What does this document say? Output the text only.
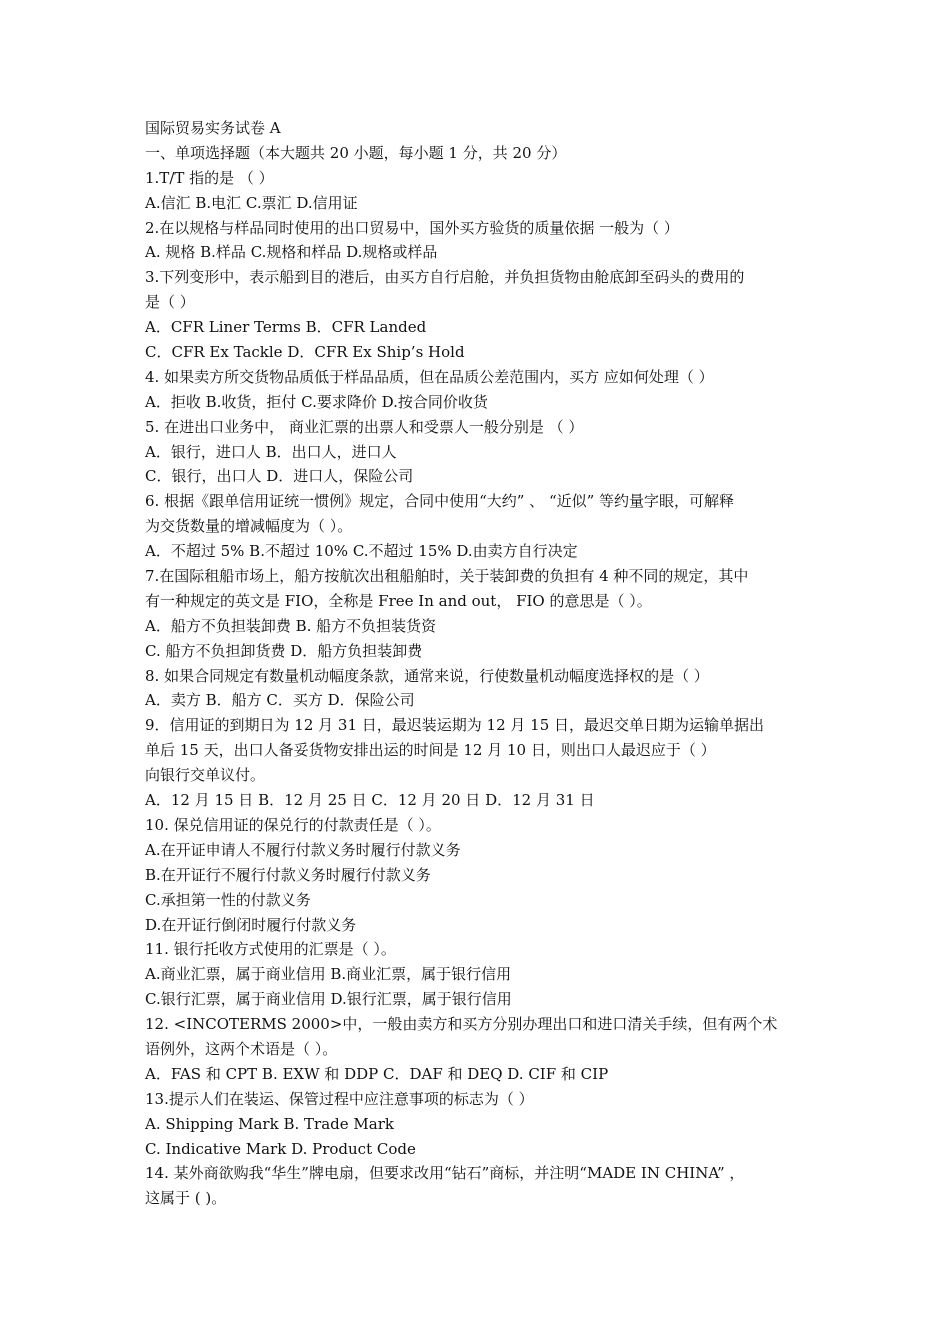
国际贸易实务试卷 A
一、单项选择题（本大题共 20 小题，每小题 1 分，共 20 分）
1.T/T 指的是 （ ）
A.信汇 B.电汇 C.票汇 D.信用证
2.在以规格与样品同时使用的出口贸易中，国外买方验货的质量依据 一般为（ ）
A. 规格 B.样品 C.规格和样品 D.规格或样品
3.下列变形中，表示船到目的港后，由买方自行启舱，并负担货物由舱底卸至码头的费用的
是（ ）
A．CFR Liner Terms B．CFR Landed
C．CFR Ex Tackle D．CFR Ex Ship’s Hold
4. 如果卖方所交货物品质低于样品品质，但在品质公差范围内，买方 应如何处理（ ）
A．拒收 B.收货，拒付 C.要求降价 D.按合同价收货
5. 在进出口业务中， 商业汇票的出票人和受票人一般分别是 （ ）
A．银行，进口人 B．出口人，进口人
C．银行，出口人 D．进口人，保险公司
6. 根据《跟单信用证统一惯例》规定，合同中使用“大约” 、 “近似” 等约量字眼，可解释
为交货数量的增减幅度为（ ）。
A．不超过 5% B.不超过 10% C.不超过 15% D.由卖方自行决定
7.在国际租船市场上，船方按航次出租船舶时，关于装卸费的负担有 4 种不同的规定，其中
有一种规定的英文是 FIO，全称是 Free In and out， FIO 的意思是（ ）。
A．船方不负担装卸费 B. 船方不负担装货资
C. 船方不负担卸货费 D．船方负担装卸费
8. 如果合同规定有数量机动幅度条款，通常来说，行使数量机动幅度选择权的是（ ）
A．卖方 B．船方 C．买方 D．保险公司
9．信用证的到期日为 12 月 31 日，最迟装运期为 12 月 15 日，最迟交单日期为运输单据出
单后 15 天，出口人备妥货物安排出运的时间是 12 月 10 日，则出口人最迟应于（ ）
向银行交单议付。
A．12 月 15 日 B．12 月 25 日 C．12 月 20 日 D．12 月 31 日
10. 保兑信用证的保兑行的付款责任是（ ）。
A.在开证申请人不履行付款义务时履行付款义务
B.在开证行不履行付款义务时履行付款义务
C.承担第一性的付款义务
D.在开证行倒闭时履行付款义务
11. 银行托收方式使用的汇票是（ ）。
A.商业汇票，属于商业信用 B.商业汇票，属于银行信用
C.银行汇票，属于商业信用 D.银行汇票，属于银行信用
12. <INCOTERMS 2000>中，一般由卖方和买方分别办理出口和进口清关手续，但有两个术
语例外，这两个术语是（ ）。
A．FAS 和 CPT B. EXW 和 DDP C．DAF 和 DEQ D. CIF 和 CIP
13.提示人们在装运、保管过程中应注意事项的标志为（ ）
A. Shipping Mark B. Trade Mark
C. Indicative Mark D. Product Code
14. 某外商欲购我“华生”牌电扇，但要求改用“钻石”商标，并注明“MADE IN CHINA” ，
这属于 ( )。
